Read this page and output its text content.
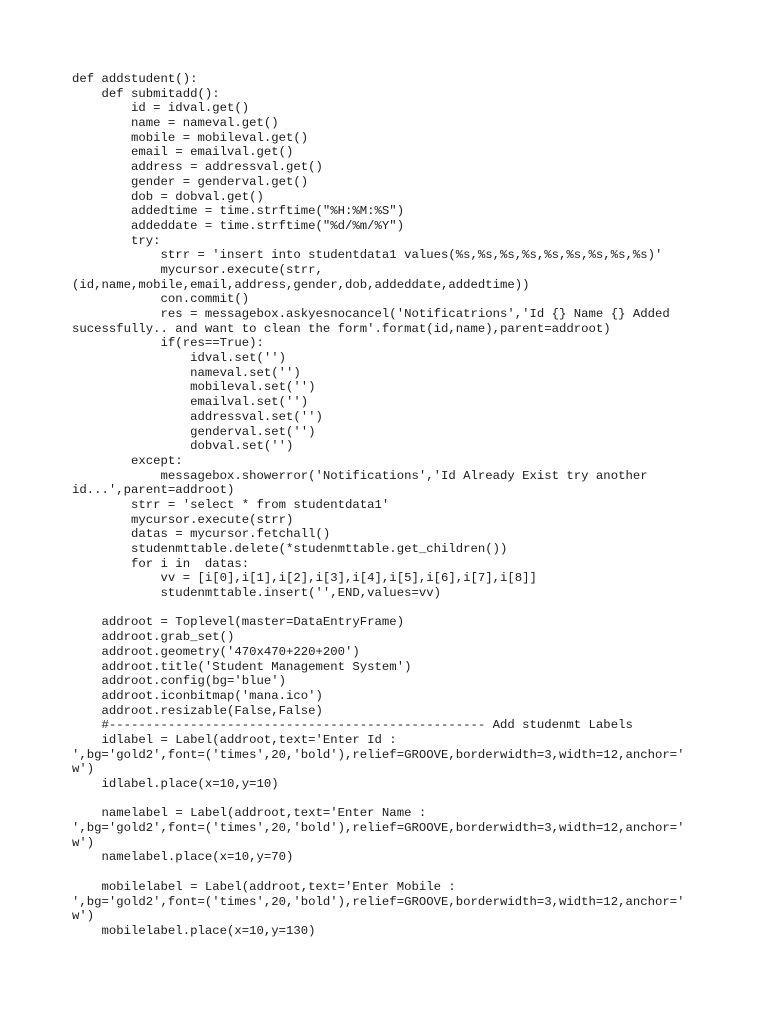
def addstudent():
def submitadd():
id = idval.get()
name = nameval.get()
mobile = mobileval.get()
email = emailval.get()
address = addressval.get()
gender = genderval.get()
dob = dobval.get()
addedtime = time.strftime("%H:%M:%S")
addeddate = time.strftime("%d/%m/%Y")
try:
strr = 'insert into studentdata1 values(%s,%s,%s,%s,%s,%s,%s,%s,%s)'
mycursor.execute(strr,
(id,name,mobile,email,address,gender,dob,addeddate,addedtime))
con.commit()
res = messagebox.askyesnocancel('Notificatrions','Id {} Name {} Added
sucessfully.. and want to clean the form'.format(id,name),parent=addroot)
if(res==True):
idval.set('')
nameval.set('')
mobileval.set('')
emailval.set('')
addressval.set('')
genderval.set('')
dobval.set('')
except:
messagebox.showerror('Notifications','Id Already Exist try another
id...',parent=addroot)
strr = 'select * from studentdata1'
mycursor.execute(strr)
datas = mycursor.fetchall()
studenmttable.delete(*studenmttable.get_children())
for i in  datas:
vv = [i[0],i[1],i[2],i[3],i[4],i[5],i[6],i[7],i[8]]
studenmttable.insert('',END,values=vv)
addroot = Toplevel(master=DataEntryFrame)
addroot.grab_set()
addroot.geometry('470x470+220+200')
addroot.title('Student Management System')
addroot.config(bg='blue')
addroot.iconbitmap('mana.ico')
addroot.resizable(False,False)
#--------------------------------------------------- Add studenmt Labels
idlabel = Label(addroot,text='Enter Id :
',bg='gold2',font=('times',20,'bold'),relief=GROOVE,borderwidth=3,width=12,anchor='
w')
idlabel.place(x=10,y=10)
namelabel = Label(addroot,text='Enter Name :
',bg='gold2',font=('times',20,'bold'),relief=GROOVE,borderwidth=3,width=12,anchor='
w')
namelabel.place(x=10,y=70)
mobilelabel = Label(addroot,text='Enter Mobile :
',bg='gold2',font=('times',20,'bold'),relief=GROOVE,borderwidth=3,width=12,anchor='
w')
mobilelabel.place(x=10,y=130)
